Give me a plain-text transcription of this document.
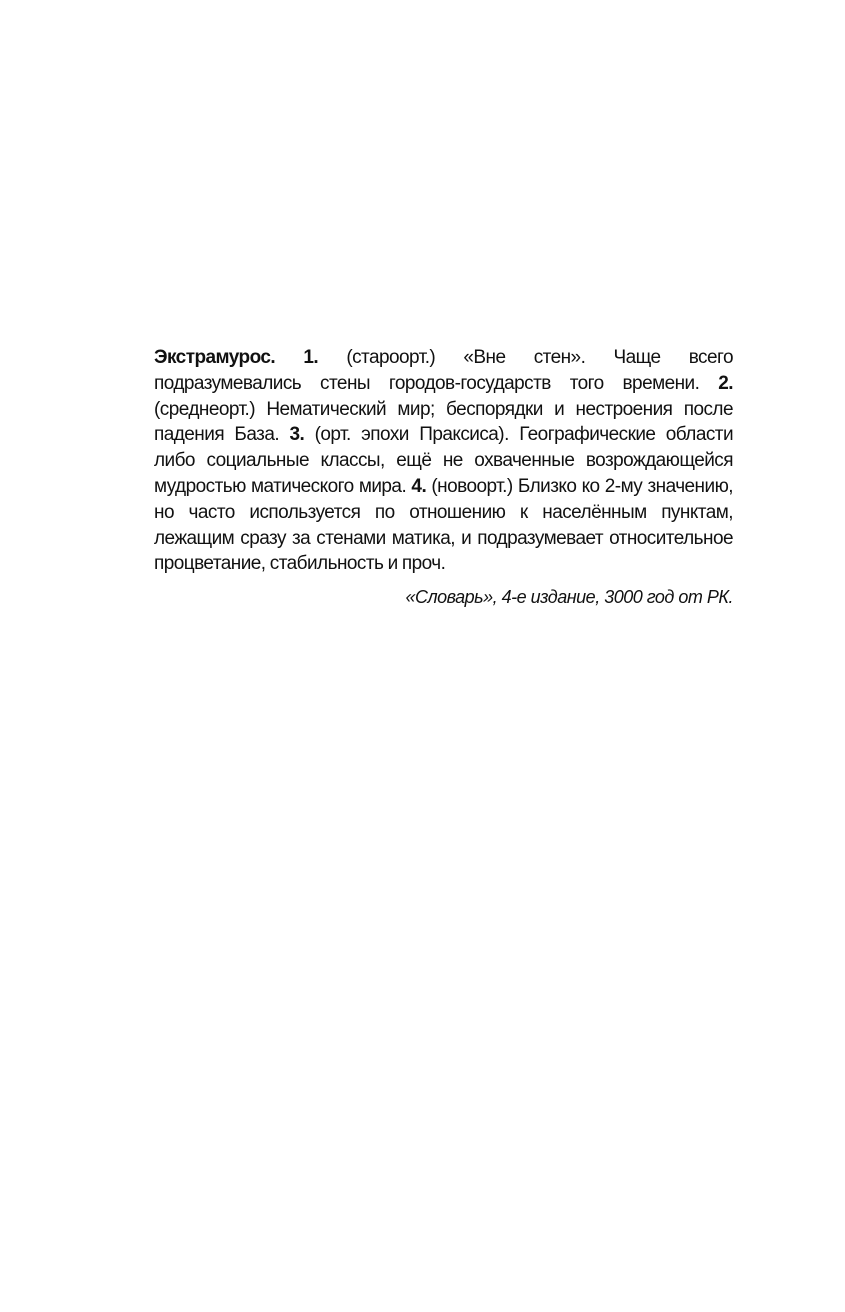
Экстрамурос. 1. (староорт.) «Вне стен». Чаще всего подразумевались стены городов-государств того времени. 2. (среднеорт.) Нематический мир; беспорядки и нестроения после падения База. 3. (орт. эпохи Праксиса). Географические области либо социальные классы, ещё не охваченные возрождающейся мудростью матического мира. 4. (новоорт.) Близко ко 2-му значению, но часто используется по отношению к населённым пунктам, лежащим сразу за стенами матика, и подразумевает относительное процветание, стабильность и проч.

«Словарь», 4-е издание, 3000 год от РК.
